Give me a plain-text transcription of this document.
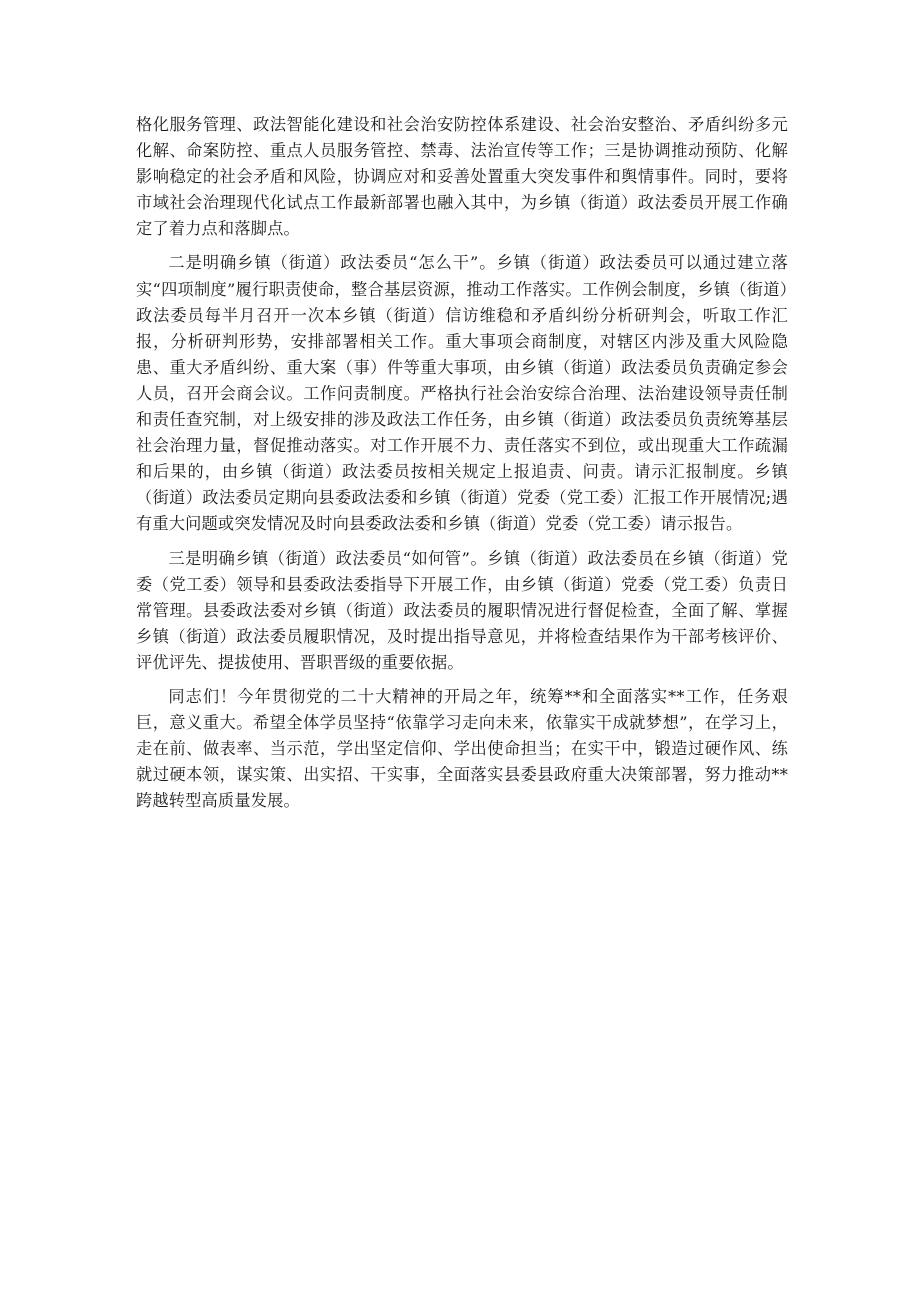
格化服务管理、政法智能化建设和社会治安防控体系建设、社会治安整治、矛盾纠纷多元化解、命案防控、重点人员服务管控、禁毒、法治宣传等工作；三是协调推动预防、化解影响稳定的社会矛盾和风险，协调应对和妥善处置重大突发事件和舆情事件。同时，要将市域社会治理现代化试点工作最新部署也融入其中，为乡镇（街道）政法委员开展工作确定了着力点和落脚点。

二是明确乡镇（街道）政法委员“怎么干”。乡镇（街道）政法委员可以通过建立落实“四项制度”履行职责使命，整合基层资源，推动工作落实。工作例会制度，乡镇（街道）政法委员每半月召开一次本乡镇（街道）信访维稳和矛盾纠纷分析研判会，听取工作汇报，分析研判形势，安排部署相关工作。重大事项会商制度，对辖区内涉及重大风险隐患、重大矛盾纠纷、重大案（事）件等重大事项，由乡镇（街道）政法委员负责确定参会人员，召开会商会议。工作问责制度。严格执行社会治安综合治理、法治建设领导责任制和责任查究制，对上级安排的涉及政法工作任务，由乡镇（街道）政法委员负责统筹基层社会治理力量，督促推动落实。对工作开展不力、责任落实不到位，或出现重大工作疏漏和后果的，由乡镇（街道）政法委员按相关规定上报追责、问责。请示汇报制度。乡镇（街道）政法委员定期向县委政法委和乡镇（街道）党委（党工委）汇报工作开展情况;遇有重大问题或突发情况及时向县委政法委和乡镇（街道）党委（党工委）请示报告。

三是明确乡镇（街道）政法委员“如何管”。乡镇（街道）政法委员在乡镇（街道）党委（党工委）领导和县委政法委指导下开展工作，由乡镇（街道）党委（党工委）负责日常管理。县委政法委对乡镇（街道）政法委员的履职情况进行督促检查，全面了解、掌握乡镇（街道）政法委员履职情况，及时提出指导意见，并将检查结果作为干部考核评价、评优评先、提拔使用、晋职晋级的重要依据。

同志们！今年贯彻党的二十大精神的开局之年，统筹**和全面落实**工作，任务艰巨，意义重大。希望全体学员坚持“依靠学习走向未来，依靠实干成就梦想”，在学习上，走在前、做表率、当示范，学出坚定信仰、学出使命担当；在实干中，锻造过硬作风、练就过硬本领，谋实策、出实招、干实事，全面落实县委县政府重大决策部署，努力推动**跨越转型高质量发展。
